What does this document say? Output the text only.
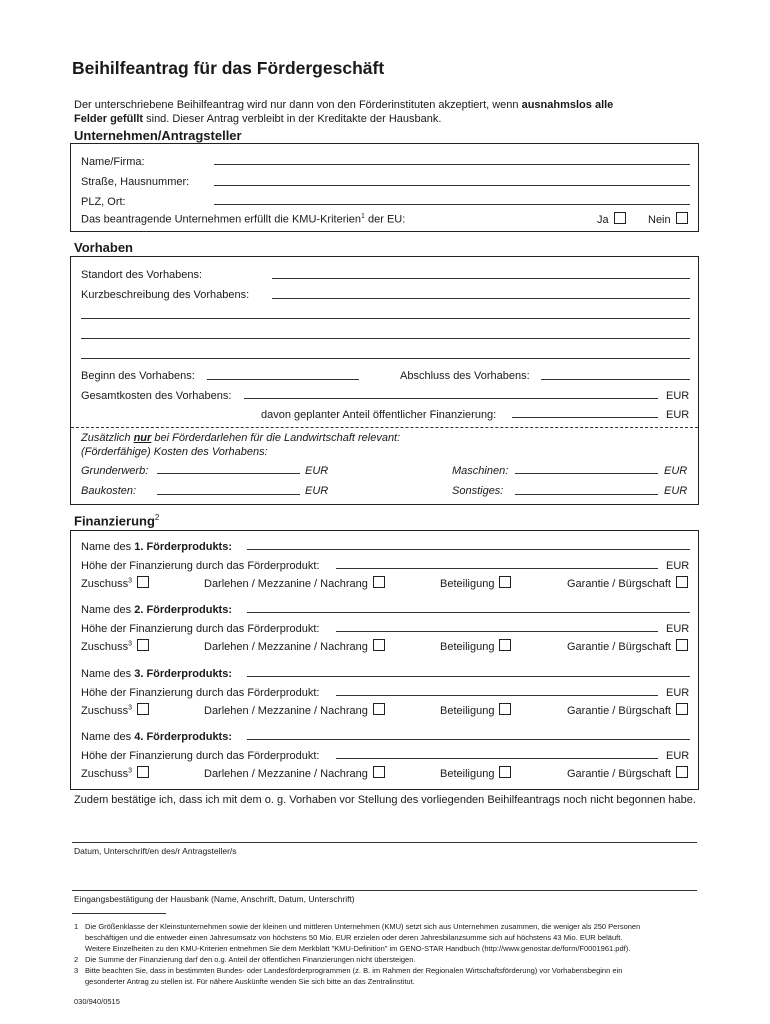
Beihilfeantrag für das Fördergeschäft
Der unterschriebene Beihilfeantrag wird nur dann von den Förderinstituten akzeptiert, wenn ausnahmslos alle
Felder gefüllt sind. Dieser Antrag verbleibt in der Kreditakte der Hausbank.
Unternehmen/Antragsteller
Name/Firma:
Straße, Hausnummer:
PLZ, Ort:
Das beantragende Unternehmen erfüllt die KMU-Kriterien$^1$ der EU:	Ja	Nein
Vorhaben
Standort des Vorhabens:
Kurzbeschreibung des Vorhabens:
Beginn des Vorhabens:	Abschluss des Vorhabens:
Gesamtkosten des Vorhabens:	EUR
davon geplanter Anteil öffentlicher Finanzierung:	EUR
Zusätzlich nur bei Förderdarlehen für die Landwirtschaft relevant:
(Förderfähige) Kosten des Vorhabens:
Grunderwerb:	EUR	Maschinen:	EUR
Baukosten:	EUR	Sonstiges:	EUR
Finanzierung$^2$
Name des 1. Förderprodukts:
Höhe der Finanzierung durch das Förderprodukt:	EUR
Zuschuss$^3$	Darlehen / Mezzanine / Nachrang	Beteiligung	Garantie / Bürgschaft
Name des 2. Förderprodukts:
Höhe der Finanzierung durch das Förderprodukt:	EUR
Zuschuss$^3$	Darlehen / Mezzanine / Nachrang	Beteiligung	Garantie / Bürgschaft
Name des 3. Förderprodukts:
Höhe der Finanzierung durch das Förderprodukt:	EUR
Zuschuss$^3$	Darlehen / Mezzanine / Nachrang	Beteiligung	Garantie / Bürgschaft
Name des 4. Förderprodukts:
Höhe der Finanzierung durch das Förderprodukt:	EUR
Zuschuss$^3$	Darlehen / Mezzanine / Nachrang	Beteiligung	Garantie / Bürgschaft
Zudem bestätige ich, dass ich mit dem o. g. Vorhaben vor Stellung des vorliegenden Beihilfeantrags noch nicht begonnen habe.
Datum, Unterschrift/en des/r Antragsteller/s
Eingangsbestätigung der Hausbank (Name, Anschrift, Datum, Unterschrift)
1 Die Größenklasse der Kleinstunternehmen sowie der kleinen und mittleren Unternehmen (KMU) setzt sich aus Unternehmen zusammen, die weniger als 250 Personen
beschäftigen und die entweder einen Jahresumsatz von höchstens 50 Mio. EUR erzielen oder deren Jahresbilanzsumme sich auf höchstens 43 Mio. EUR beläuft.
Weitere Einzelheiten zu den KMU-Kriterien entnehmen Sie dem Merkblatt "KMU-Definition" im GENO-STAR Handbuch (http://www.genostar.de/form/F0001961.pdf).
2 Die Summe der Finanzierung darf den o.g. Anteil der öffentlichen Finanzierungen nicht übersteigen.
3 Bitte beachten Sie, dass in bestimmten Bundes- oder Landesförderprogrammen (z. B. im Rahmen der Regionalen Wirtschaftsförderung) vor Vorhabensbeginn ein
gesonderter Antrag zu stellen ist. Für nähere Auskünfte wenden Sie sich bitte an das Zentralinstitut.
030/940/0515
